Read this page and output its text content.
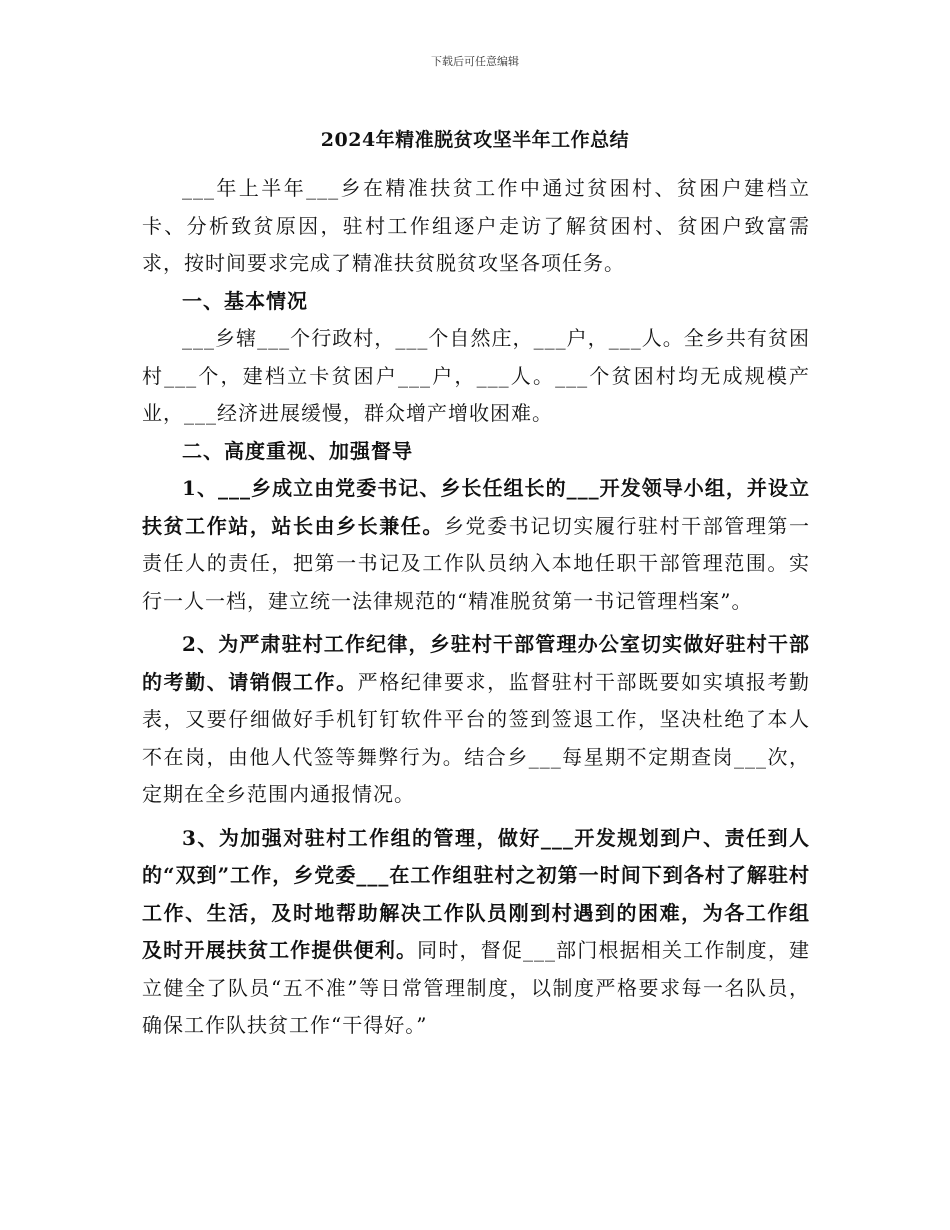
下载后可任意编辑
2024年精准脱贫攻坚半年工作总结

___年上半年___乡在精准扶贫工作中通过贫困村、贫困户建档立卡、分析致贫原因，驻村工作组逐户走访了解贫困村、贫困户致富需求，按时间要求完成了精准扶贫脱贫攻坚各项任务。

一、基本情况

___乡辖___个行政村，___个自然庄，___户，___人。全乡共有贫困村___个，建档立卡贫困户___户，___人。___个贫困村均无成规模产业，___经济进展缓慢，群众增产增收困难。

二、高度重视、加强督导

1、___乡成立由党委书记、乡长任组长的___开发领导小组，并设立扶贫工作站，站长由乡长兼任。乡党委书记切实履行驻村干部管理第一责任人的责任，把第一书记及工作队员纳入本地任职干部管理范围。实行一人一档，建立统一法律规范的“精准脱贫第一书记管理档案”。

2、为严肃驻村工作纪律，乡驻村干部管理办公室切实做好驻村干部的考勤、请销假工作。严格纪律要求，监督驻村干部既要如实填报考勤表，又要仔细做好手机钉钉软件平台的签到签退工作，坚决杜绝了本人不在岗，由他人代签等舞弊行为。结合乡___每星期不定期查岗___次，定期在全乡范围内通报情况。

3、为加强对驻村工作组的管理，做好___开发规划到户、责任到人的“双到”工作，乡党委___在工作组驻村之初第一时间下到各村了解驻村工作、生活，及时地帮助解决工作队员刚到村遇到的困难，为各工作组及时开展扶贫工作提供便利。同时，督促___部门根据相关工作制度，建立健全了队员“五不准”等日常管理制度，以制度严格要求每一名队员，确保工作队扶贫工作“干得好。”
